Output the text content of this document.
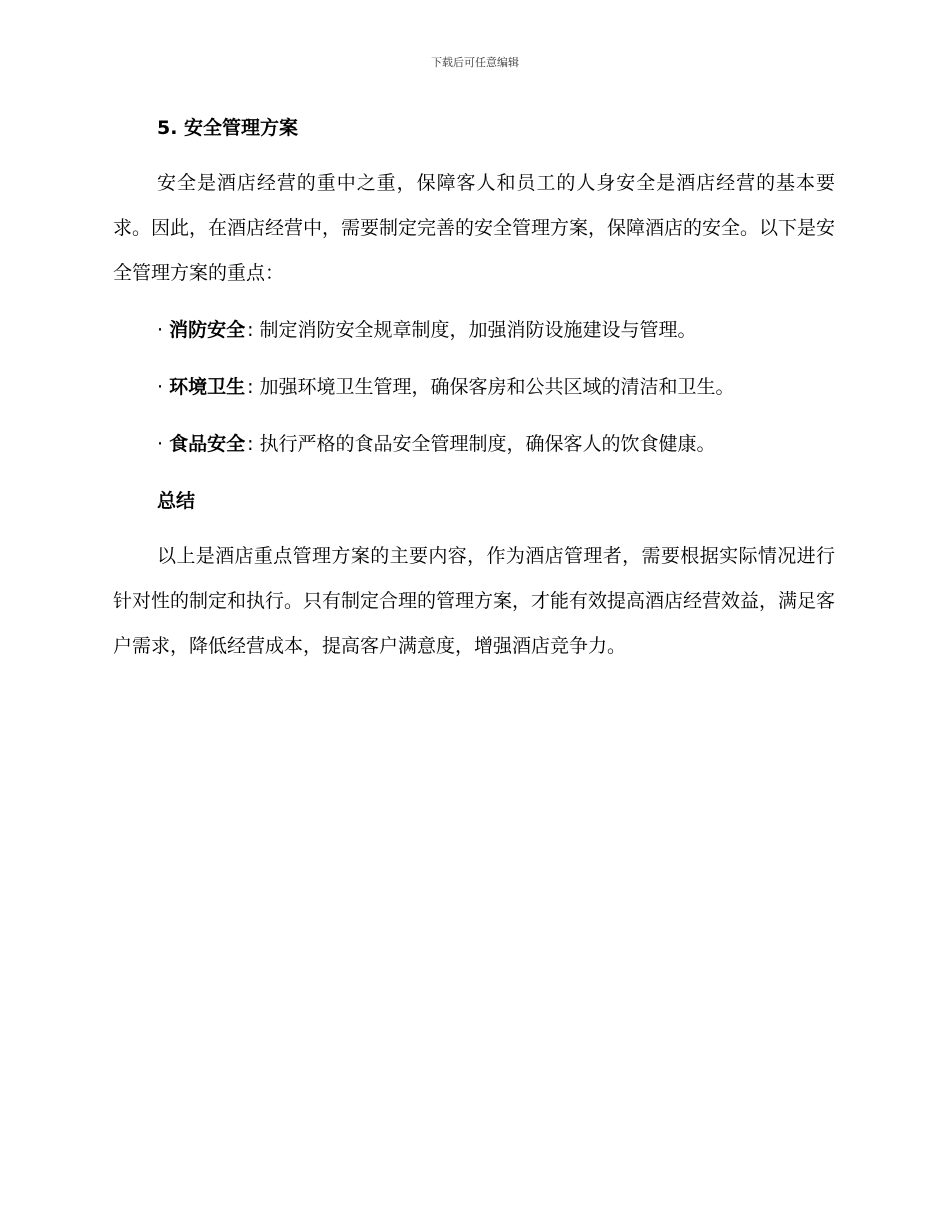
下载后可任意编辑
5. 安全管理方案

安全是酒店经营的重中之重，保障客人和员工的人身安全是酒店经营的基本要求。因此，在酒店经营中，需要制定完善的安全管理方案，保障酒店的安全。以下是安全管理方案的重点：

· 消防安全 : 制定消防安全规章制度，加强消防设施建设与管理。
· 环境卫生 : 加强环境卫生管理，确保客房和公共区域的清洁和卫生。
· 食品安全 : 执行严格的食品安全管理制度，确保客人的饮食健康。
总结

以上是酒店重点管理方案的主要内容，作为酒店管理者，需要根据实际情况进行针对性的制定和执行。只有制定合理的管理方案，才能有效提高酒店经营效益，满足客户需求，降低经营成本，提高客户满意度，增强酒店竞争力。
